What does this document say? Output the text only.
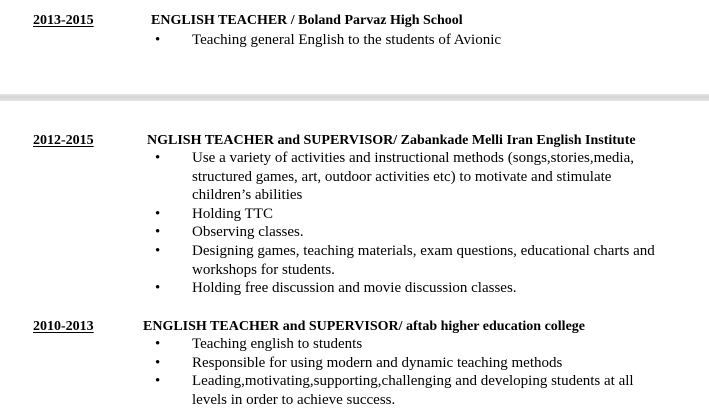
2013-2015	ENGLISH TEACHER / Boland Parvaz High School
• Teaching general English to the students of Avionic
2012-2015	NGLISH TEACHER and SUPERVISOR/ Zabankade Melli Iran English Institute
• Use a variety of activities and instructional methods (songs,stories,media, structured games, art, outdoor activities etc) to motivate and stimulate children’s abilities
• Holding TTC
• Observing classes.
• Designing games, teaching materials, exam questions, educational charts and workshops for students.
• Holding free discussion and movie discussion classes.
2010-2013	ENGLISH TEACHER and SUPERVISOR/ aftab higher education college
• Teaching english to students
• Responsible for using modern and dynamic teaching methods
• Leading,motivating,supporting,challenging and developing students at all levels in order to achieve success.
